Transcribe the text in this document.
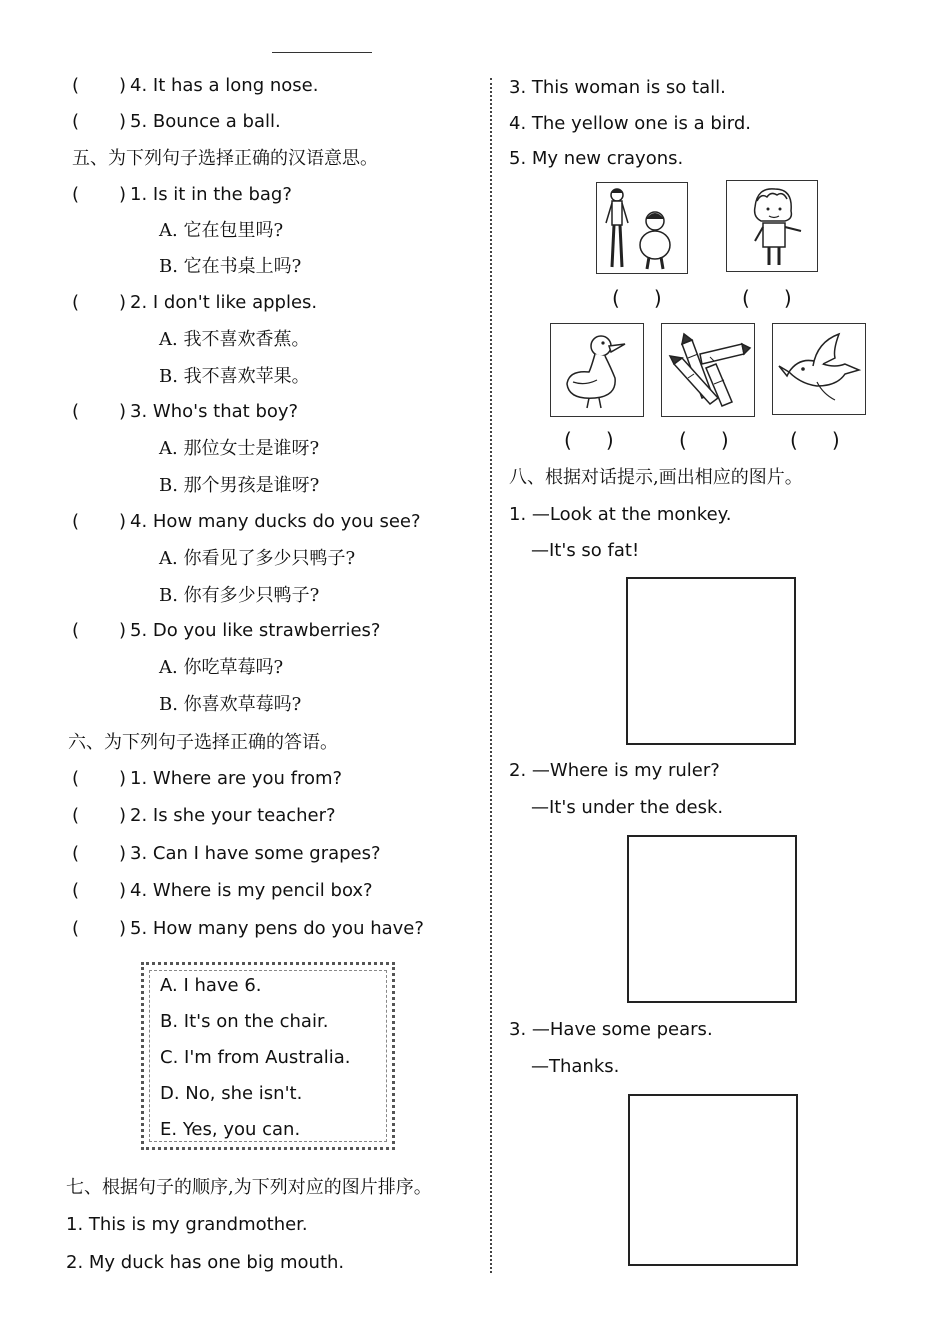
( ) 4. It has a long nose.
( ) 5. Bounce a ball.
五、为下列句子选择正确的汉语意思。
( ) 1. Is it in the bag?
A. 它在包里吗?
B. 它在书桌上吗?
( ) 2. I don't like apples.
A. 我不喜欢香蕉。
B. 我不喜欢苹果。
( ) 3. Who's that boy?
A. 那位女士是谁呀?
B. 那个男孩是谁呀?
( ) 4. How many ducks do you see?
A. 你看见了多少只鸭子?
B. 你有多少只鸭子?
( ) 5. Do you like strawberries?
A. 你吃草莓吗?
B. 你喜欢草莓吗?
六、为下列句子选择正确的答语。
( ) 1. Where are you from?
( ) 2. Is she your teacher?
( ) 3. Can I have some grapes?
( ) 4. Where is my pencil box?
( ) 5. How many pens do you have?
A. I have 6.
B. It's on the chair.
C. I'm from Australia.
D. No, she isn't.
E. Yes, you can.
七、根据句子的顺序,为下列对应的图片排序。
1. This is my grandmother.
2. My duck has one big mouth.
3. This woman is so tall.
4. The yellow one is a bird.
5. My new crayons.
( )	( )
( )	( )	( )
八、根据对话提示,画出相应的图片。
1. —Look at the monkey.
—It's so fat!
2. —Where is my ruler?
—It's under the desk.
3. —Have some pears.
—Thanks.
